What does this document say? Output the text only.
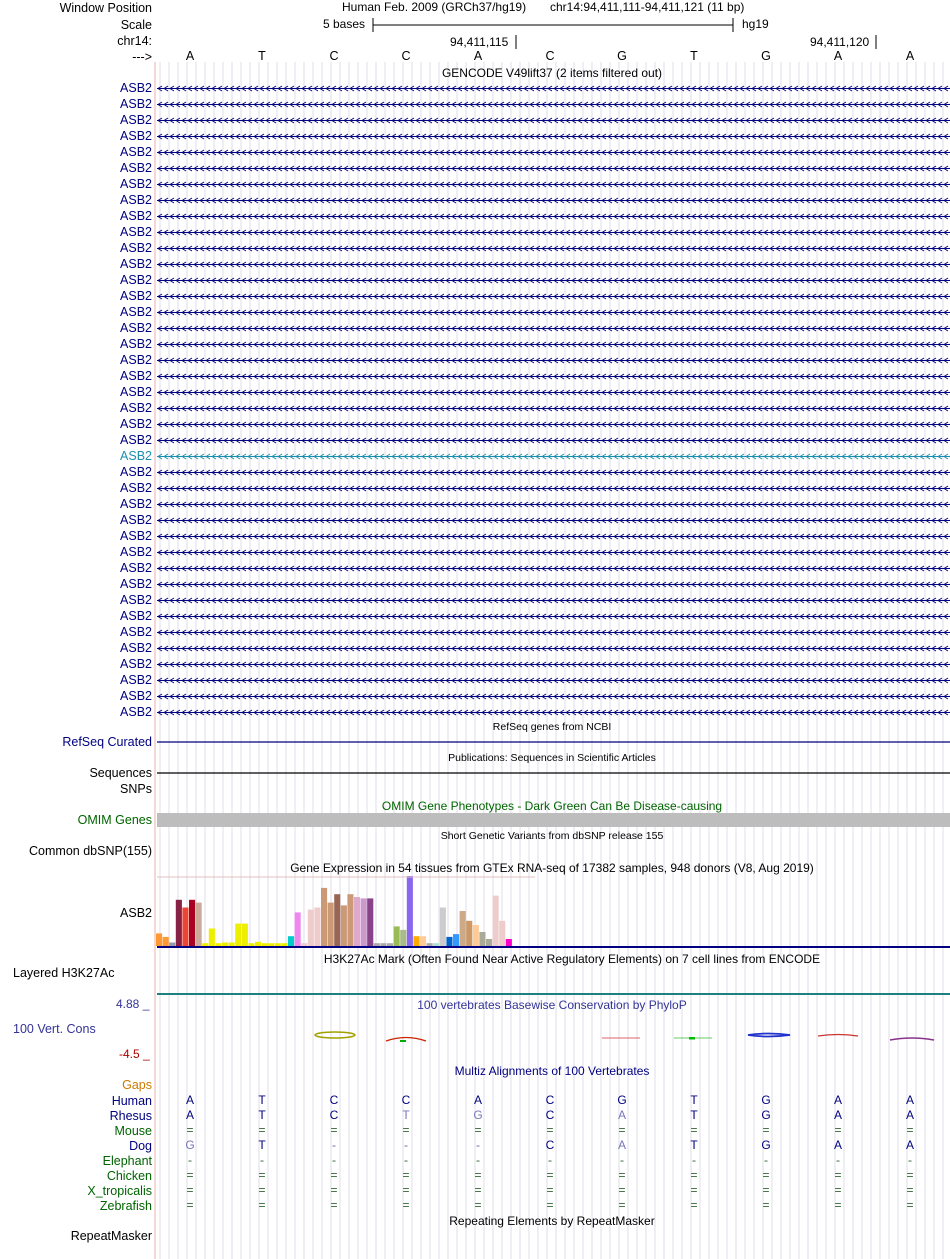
Window Position
Scale
chr14:
--->
Human Feb. 2009 (GRCh37/hg19) chr14:94,411,111-94,411,121 (11 bp)
5 bases	hg19
94,411,115	94,411,120
A	T	C	C	A	C	G	T	G	A	A
GENCODE V49lift37 (2 items filtered out)
ASB2
ASB2
ASB2
ASB2
ASB2
ASB2
ASB2
ASB2
ASB2
ASB2
ASB2
ASB2
ASB2
ASB2
ASB2
ASB2
ASB2
ASB2
ASB2
ASB2
ASB2
ASB2
ASB2
ASB2
ASB2
ASB2
ASB2
ASB2
ASB2
ASB2
ASB2
ASB2
ASB2
ASB2
ASB2
ASB2
ASB2
ASB2
ASB2
ASB2
RefSeq genes from NCBI
RefSeq Curated
Publications: Sequences in Scientific Articles
Sequences
SNPs
OMIM Gene Phenotypes - Dark Green Can Be Disease-causing
OMIM Genes
Short Genetic Variants from dbSNP release 155
Common dbSNP(155)
Gene Expression in 54 tissues from GTEx RNA-seq of 17382 samples, 948 donors (V8, Aug 2019)
ASB2
H3K27Ac Mark (Often Found Near Active Regulatory Elements) on 7 cell lines from ENCODE
Layered H3K27Ac
100 vertebrates Basewise Conservation by PhyloP
4.88 _
100 Vert. Cons
-4.5 _
Multiz Alignments of 100 Vertebrates
Gaps
Human	A	T	C	C	A	C	G	T	G	A	A
Rhesus	A	T	C	T	G	C	A	T	G	A	A
Mouse	=	=	=	=	=	=	=	=	=	=	=
Dog	G	T	-	-	-	C	A	T	G	A	A
Elephant	-	-	-	-	-	-	-	-	-	-	-
Chicken	=	=	=	=	=	=	=	=	=	=	=
X_tropicalis	=	=	=	=	=	=	=	=	=	=	=
Zebrafish	=	=	=	=	=	=	=	=	=	=	=
Repeating Elements by RepeatMasker
RepeatMasker
